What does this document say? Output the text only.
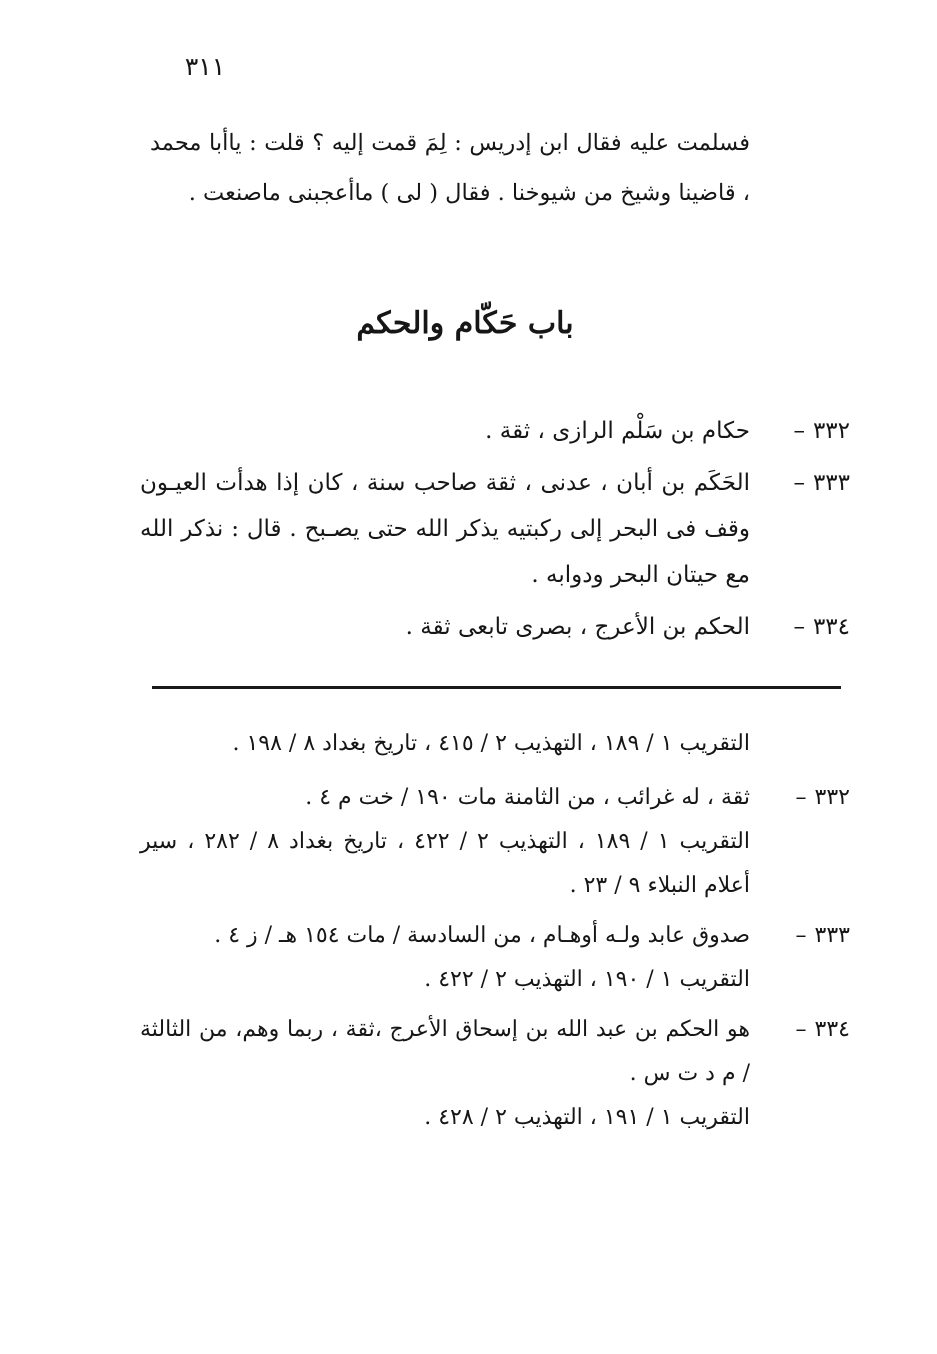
٣١١

فسلمت عليه فقال ابن إدريس : لِمَ قمت إليه ؟ قلت : ياأبا محمد ، قاضينا وشيخ من شيوخنا . فقال ( لى ) ماأعجبنى ماصنعت .

باب حَكّام والحكم
٣٣٢–
حكام بن سَلْم الرازى ، ثقة .
٣٣٣–
الحَكَم بن أبان ، عدنى ، ثقة صاحب سنة ، كان إذا هدأت العيـون وقف فى البحر إلى ركبتيه يذكر الله حتى يصـبح . قال : نذكر الله مع حيتان البحر ودوابه .
٣٣٤–
الحكم بن الأعرج ، بصرى تابعى ثقة .
التقريب ١ / ١٨٩ ، التهذيب ٢ / ٤١٥ ، تاريخ بغداد ٨ / ١٩٨ .
٣٣٢–
ثقة ، له غرائب ، من الثامنة مات ١٩٠ / خت م ٤ .
التقريب ١ / ١٨٩ ، التهذيب ٢ / ٤٢٢ ، تاريخ بغداد ٨ / ٢٨٢ ، سير أعلام النبلاء ٩ / ٢٣ .
٣٣٣–
صدوق عابد ولـه أوهـام ، من السادسة / مات ١٥٤ هـ / ز ٤ .
التقريب ١ / ١٩٠ ، التهذيب ٢ / ٤٢٢ .
٣٣٤–
هو الحكم بن عبد الله بن إسحاق الأعرج ،ثقة ، ربما وهم، من الثالثة / م د ت س .
التقريب ١ / ١٩١ ، التهذيب ٢ / ٤٢٨ .
